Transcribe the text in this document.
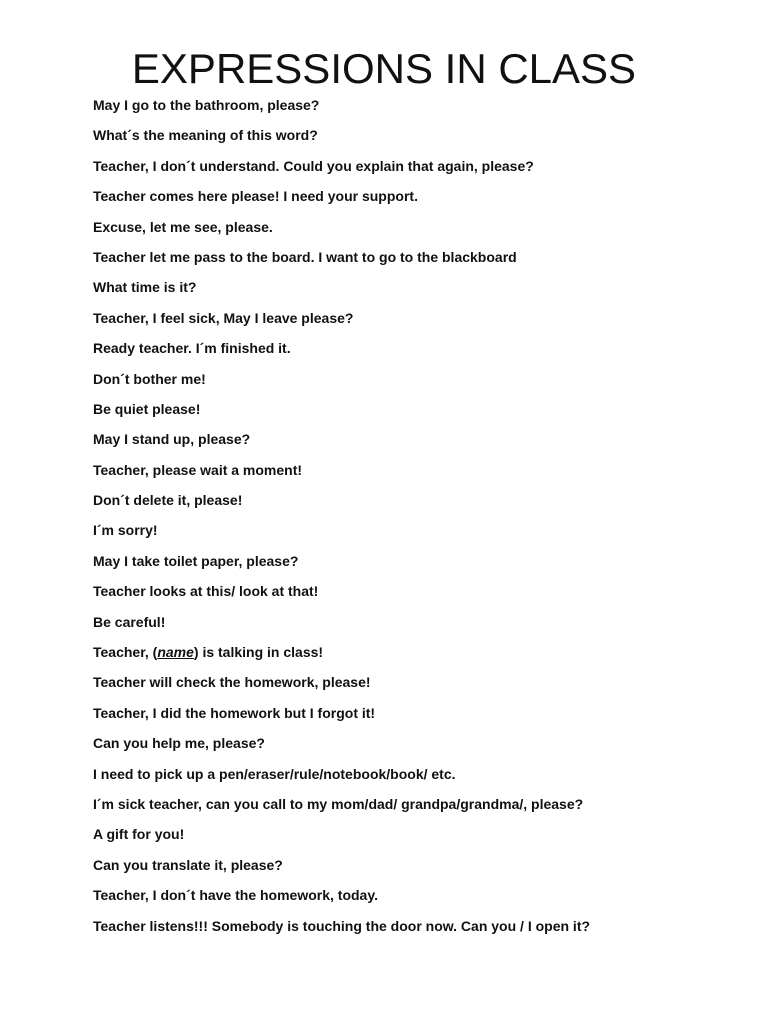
EXPRESSIONS IN CLASS
May I go to the bathroom, please?
What´s the meaning of this word?
Teacher, I don´t understand. Could you explain that again, please?
Teacher comes here please! I need your support.
Excuse, let me see, please.
Teacher let me pass to the board. I want to go to the blackboard
What time is it?
Teacher, I feel sick, May I leave please?
Ready teacher. I´m finished it.
Don´t bother me!
Be quiet please!
May I stand up, please?
Teacher, please wait a moment!
Don´t delete it, please!
I´m sorry!
May I take toilet paper, please?
Teacher looks at this/ look at that!
Be careful!
Teacher, (name) is talking in class!
Teacher will check the homework, please!
Teacher, I did the homework but I forgot it!
Can you help me, please?
I need to pick up a pen/eraser/rule/notebook/book/ etc.
I´m sick teacher, can you call to my mom/dad/ grandpa/grandma/, please?
A gift for you!
Can you translate it, please?
Teacher, I don´t have the homework, today.
Teacher listens!!! Somebody is touching the door now. Can you / I open it?
